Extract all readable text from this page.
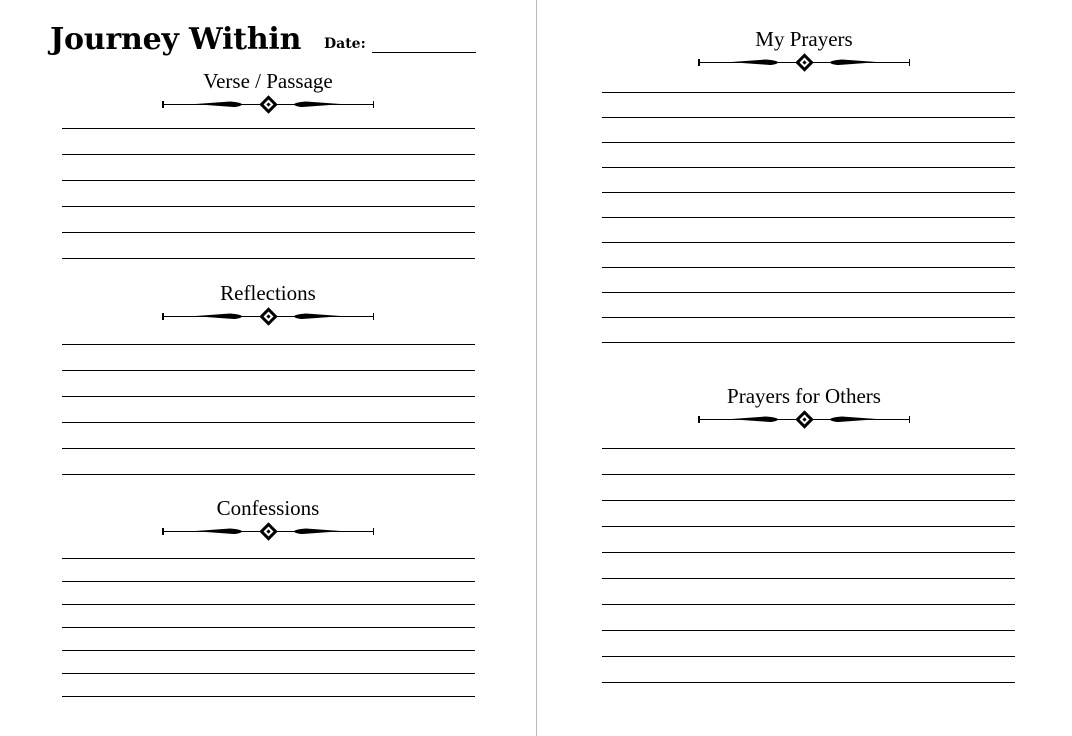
Journey Within Date:
Verse / Passage
Reflections
Confessions
My Prayers
Prayers for Others
